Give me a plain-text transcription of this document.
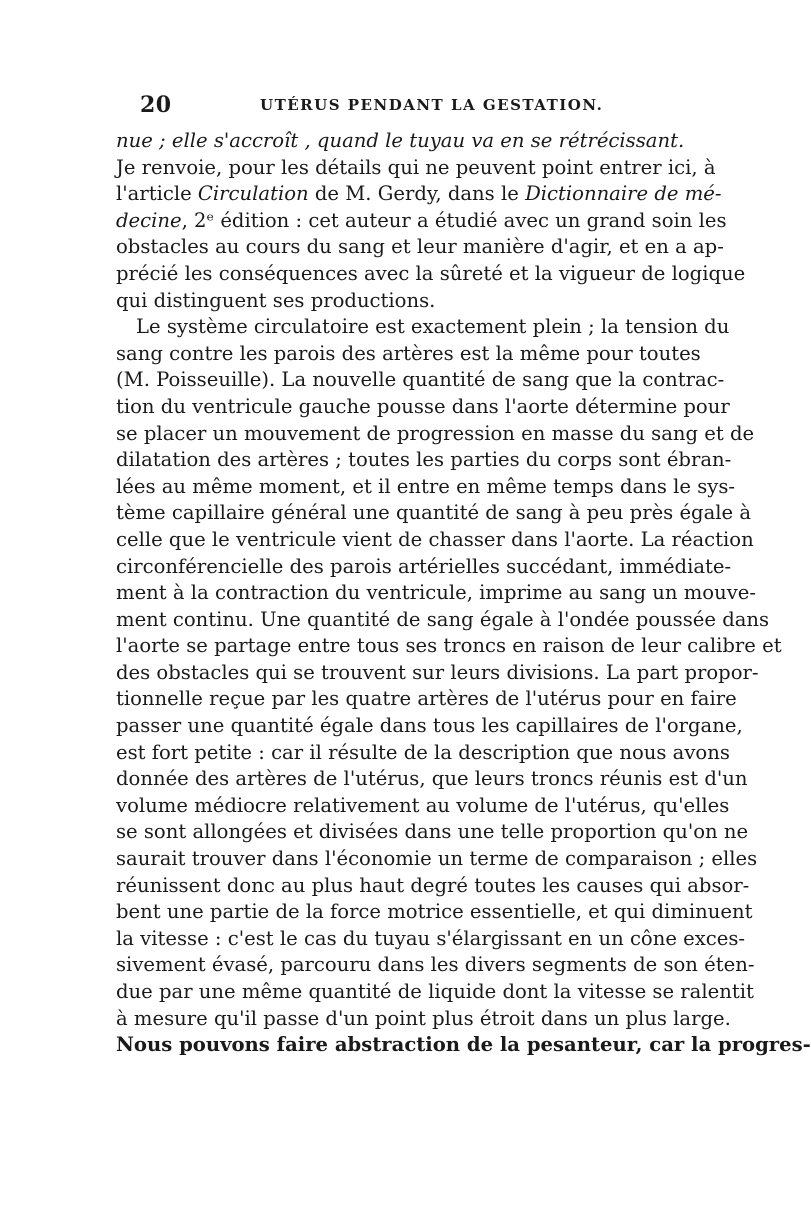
20	UTÉRUS PENDANT LA GESTATION.
nue ; elle s'accroît , quand le tuyau va en se rétrécissant.
Je renvoie, pour les détails qui ne peuvent point entrer ici, à
l'article Circulation de M. Gerdy, dans le Dictionnaire de mé-
decine, 2ᵉ édition : cet auteur a étudié avec un grand soin les
obstacles au cours du sang et leur manière d'agir, et en a ap-
précié les conséquences avec la sûreté et la vigueur de logique
qui distinguent ses productions.
Le système circulatoire est exactement plein ; la tension du
sang contre les parois des artères est la même pour toutes
(M. Poisseuille). La nouvelle quantité de sang que la contrac-
tion du ventricule gauche pousse dans l'aorte détermine pour
se placer un mouvement de progression en masse du sang et de
dilatation des artères ; toutes les parties du corps sont ébran-
lées au même moment, et il entre en même temps dans le sys-
tème capillaire général une quantité de sang à peu près égale à
celle que le ventricule vient de chasser dans l'aorte. La réaction
circonférencielle des parois artérielles succédant, immédiate-
ment à la contraction du ventricule, imprime au sang un mouve-
ment continu. Une quantité de sang égale à l'ondée poussée dans
l'aorte se partage entre tous ses troncs en raison de leur calibre et
des obstacles qui se trouvent sur leurs divisions. La part propor-
tionnelle reçue par les quatre artères de l'utérus pour en faire
passer une quantité égale dans tous les capillaires de l'organe,
est fort petite : car il résulte de la description que nous avons
donnée des artères de l'utérus, que leurs troncs réunis est d'un
volume médiocre relativement au volume de l'utérus, qu'elles
se sont allongées et divisées dans une telle proportion qu'on ne
saurait trouver dans l'économie un terme de comparaison ; elles
réunissent donc au plus haut degré toutes les causes qui absor-
bent une partie de la force motrice essentielle, et qui diminuent
la vitesse : c'est le cas du tuyau s'élargissant en un cône exces-
sivement évasé, parcouru dans les divers segments de son éten-
due par une même quantité de liquide dont la vitesse se ralentit
à mesure qu'il passe d'un point plus étroit dans un plus large.
Nous pouvons faire abstraction de la pesanteur, car la progres-
